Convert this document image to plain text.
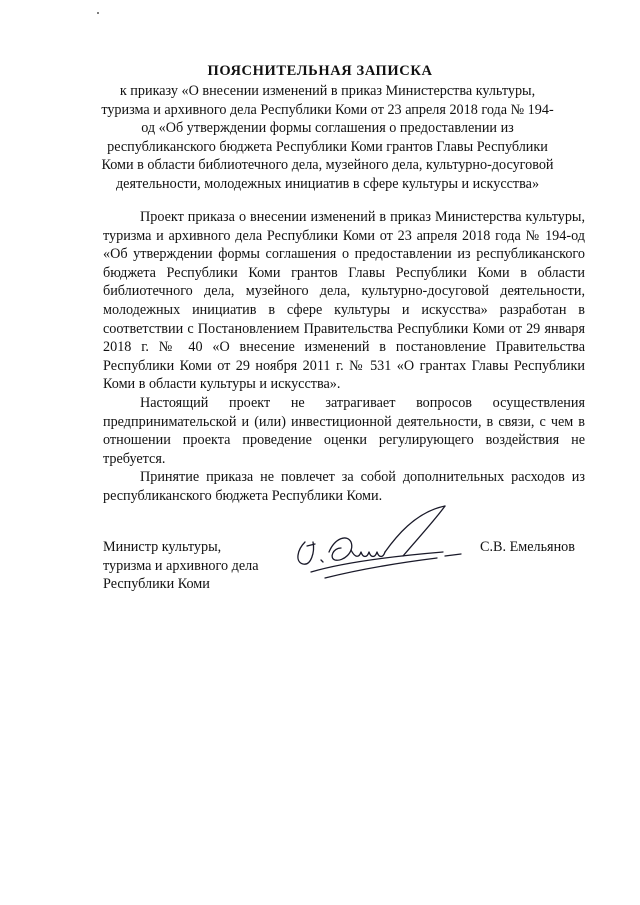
ПОЯСНИТЕЛЬНАЯ ЗАПИСКА

к приказу «О внесении изменений в приказ Министерства культуры, туризма и архивного дела Республики Коми от 23 апреля 2018 года № 194-од «Об утверждении формы соглашения о предоставлении из республиканского бюджета Республики Коми грантов Главы Республики Коми в области библиотечного дела, музейного дела, культурно-досуговой деятельности, молодежных инициатив в сфере культуры и искусства»

Проект приказа о внесении изменений в приказ Министерства культуры, туризма и архивного дела Республики Коми от 23 апреля 2018 года № 194-од «Об утверждении формы соглашения о предоставлении из республиканского бюджета Республики Коми грантов Главы Республики Коми в области библиотечного дела, музейного дела, культурно-досуговой деятельности, молодежных инициатив в сфере культуры и искусства» разработан в соответствии с Постановлением Правительства Республики Коми от 29 января 2018 г. № 40 «О внесение изменений в постановление Правительства Республики Коми от 29 ноября 2011 г. № 531 «О грантах Главы Республики Коми в области культуры и искусства».

Настоящий проект не затрагивает вопросов осуществления предпринимательской и (или) инвестиционной деятельности, в связи, с чем в отношении проекта проведение оценки регулирующего воздействия не требуется.

Принятие приказа не повлечет за собой дополнительных расходов из республиканского бюджета Республики Коми.

Министр культуры,
туризма и архивного дела
Республики Коми
С.В. Емельянов
